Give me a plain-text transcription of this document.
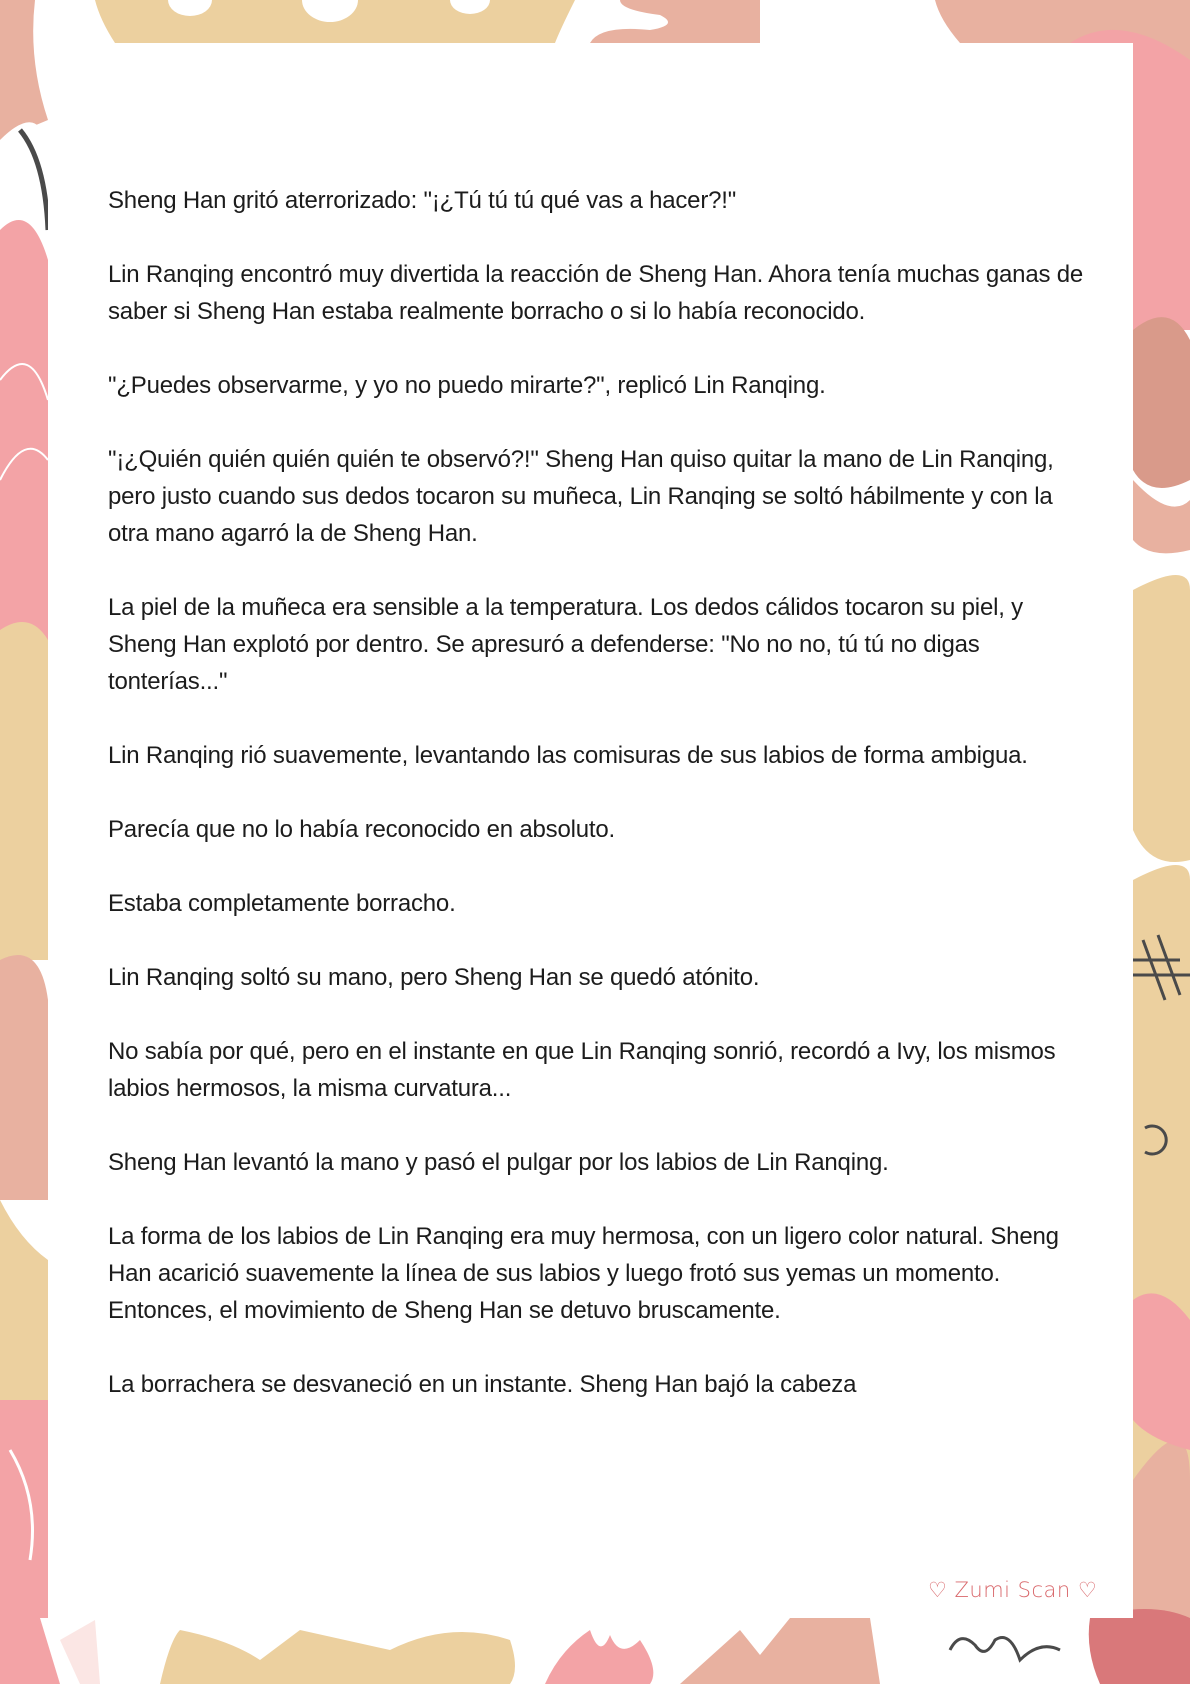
Sheng Han gritó aterrorizado: "¡¿Tú tú tú qué vas a hacer?!"

Lin Ranqing encontró muy divertida la reacción de Sheng Han. Ahora tenía muchas ganas de saber si Sheng Han estaba realmente borracho o si lo había reconocido.

"¿Puedes observarme, y yo no puedo mirarte?", replicó Lin Ranqing.

"¡¿Quién quién quién quién te observó?!" Sheng Han quiso quitar la mano de Lin Ranqing, pero justo cuando sus dedos tocaron su muñeca, Lin Ranqing se soltó hábilmente y con la otra mano agarró la de Sheng Han.

La piel de la muñeca era sensible a la temperatura. Los dedos cálidos tocaron su piel, y Sheng Han explotó por dentro. Se apresuró a defenderse: "No no no, tú tú no digas tonterías..."

Lin Ranqing rió suavemente, levantando las comisuras de sus labios de forma ambigua.

Parecía que no lo había reconocido en absoluto.

Estaba completamente borracho.

Lin Ranqing soltó su mano, pero Sheng Han se quedó atónito.

No sabía por qué, pero en el instante en que Lin Ranqing sonrió, recordó a Ivy, los mismos labios hermosos, la misma curvatura...

Sheng Han levantó la mano y pasó el pulgar por los labios de Lin Ranqing.

La forma de los labios de Lin Ranqing era muy hermosa, con un ligero color natural. Sheng Han acarició suavemente la línea de sus labios y luego frotó sus yemas un momento. Entonces, el movimiento de Sheng Han se detuvo bruscamente.

La borrachera se desvaneció en un instante. Sheng Han bajó la cabeza

♡ Zumi Scan ♡
